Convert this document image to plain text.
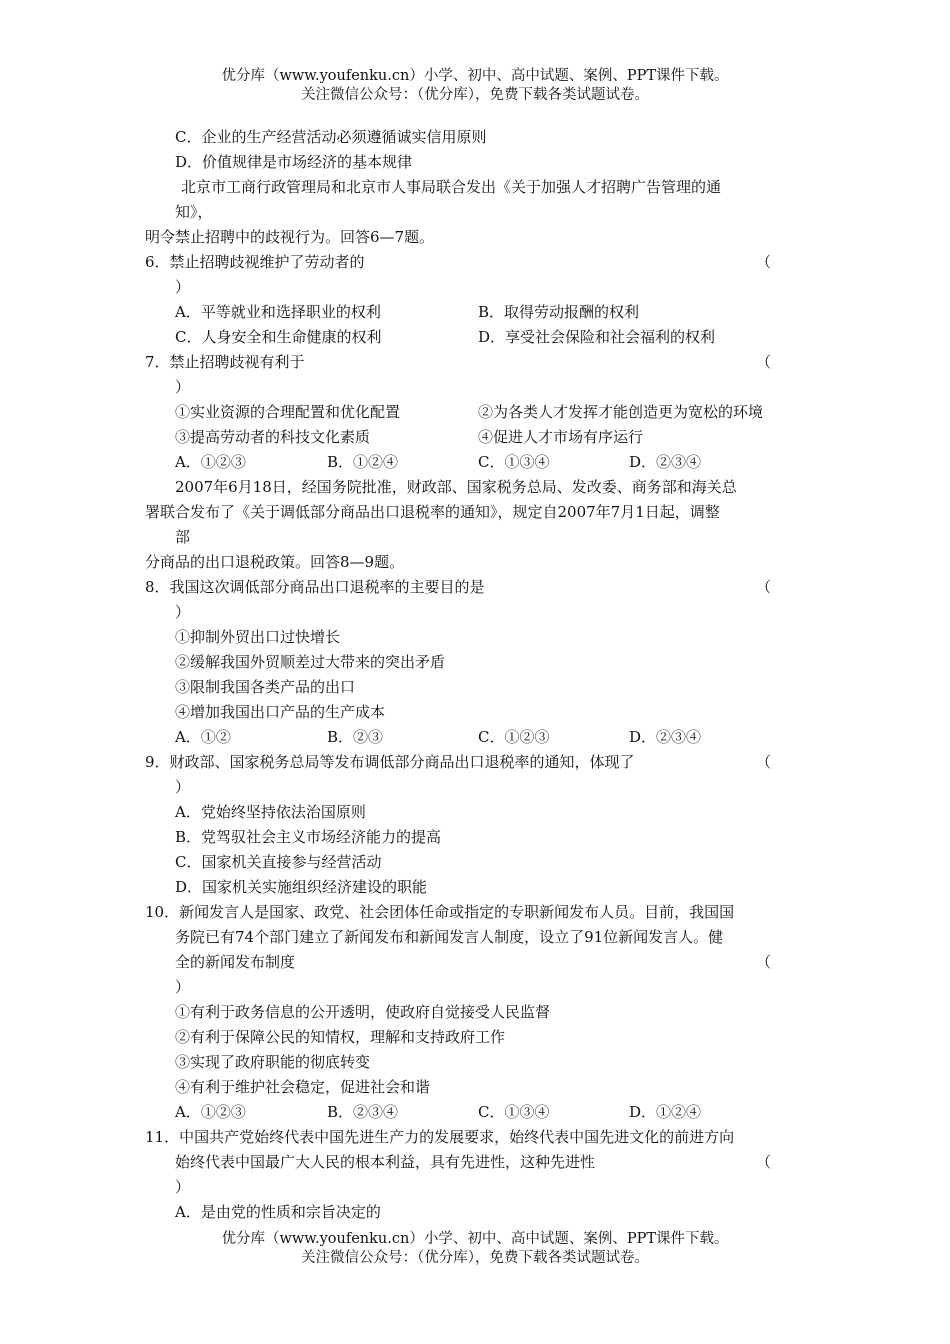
优分库（www.youfenku.cn）小学、初中、高中试题、案例、PPT课件下载。
关注微信公众号：（优分库），免费下载各类试题试卷。
C．企业的生产经营活动必须遵循诚实信用原则
D．价值规律是市场经济的基本规律
北京市工商行政管理局和北京市人事局联合发出《关于加强人才招聘广告管理的通
知》，
明令禁止招聘中的歧视行为。回答6—7题。
6．禁止招聘歧视维护了劳动者的	（
）
A．平等就业和选择职业的权利	B．取得劳动报酬的权利
C．人身安全和生命健康的权利	D．享受社会保险和社会福利的权利
7．禁止招聘歧视有利于	（
）
①实业资源的合理配置和优化配置	②为各类人才发挥才能创造更为宽松的环境
③提高劳动者的科技文化素质	④促进人才市场有序运行
A．①②③	B．①②④	C．①③④	D．②③④
2007年6月18日，经国务院批准，财政部、国家税务总局、发改委、商务部和海关总
署联合发布了《关于调低部分商品出口退税率的通知》，规定自2007年7月1日起，调整
部
分商品的出口退税政策。回答8—9题。
8．我国这次调低部分商品出口退税率的主要目的是	（
）
①抑制外贸出口过快增长
②缓解我国外贸顺差过大带来的突出矛盾
③限制我国各类产品的出口
④增加我国出口产品的生产成本
A．①②	B．②③	C．①②③	D．②③④
9．财政部、国家税务总局等发布调低部分商品出口退税率的通知，体现了	（
）
A．党始终坚持依法治国原则
B．党驾驭社会主义市场经济能力的提高
C．国家机关直接参与经营活动
D．国家机关实施组织经济建设的职能
10．新闻发言人是国家、政党、社会团体任命或指定的专职新闻发布人员。目前，我国国
务院已有74个部门建立了新闻发布和新闻发言人制度，设立了91位新闻发言人。健
全的新闻发布制度	（
）
①有利于政务信息的公开透明，使政府自觉接受人民监督
②有利于保障公民的知情权，理解和支持政府工作
③实现了政府职能的彻底转变
④有利于维护社会稳定，促进社会和谐
A．①②③	B．②③④	C．①③④	D．①②④
11．中国共产党始终代表中国先进生产力的发展要求，始终代表中国先进文化的前进方向
始终代表中国最广大人民的根本利益，具有先进性，这种先进性	（
）
A．是由党的性质和宗旨决定的
优分库（www.youfenku.cn）小学、初中、高中试题、案例、PPT课件下载。
关注微信公众号：（优分库），免费下载各类试题试卷。
